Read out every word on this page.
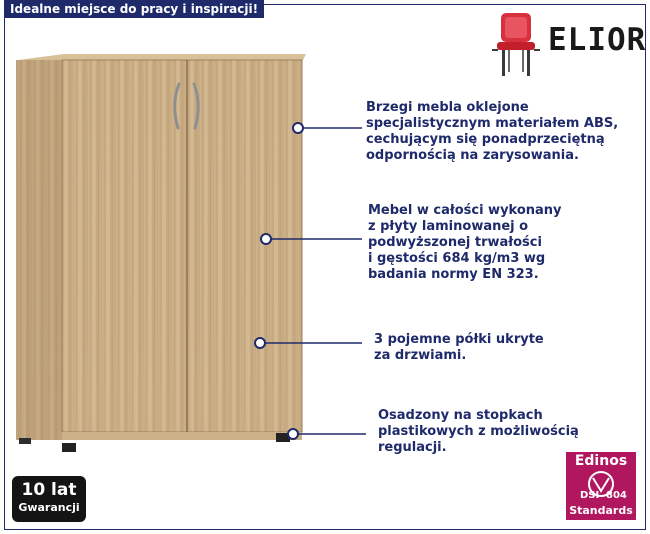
Idealne miejsce do pracy i inspiracji!
ELIOR
Brzegi mebla oklejone
specjalistycznym materiałem ABS,
cechującym się ponadprzeciętną
odpornością na zarysowania.
Mebel w całości wykonany
z płyty laminowanej o
podwyższonej trwałości
i gęstości 684 kg/m3 wg
badania normy EN 323.
3 pojemne półki ukryte
za drzwiami.
Osadzony na stopkach
plastikowych z możliwością
regulacji.
10 lat
Gwarancji
Edinos
DSI 804
Standards
